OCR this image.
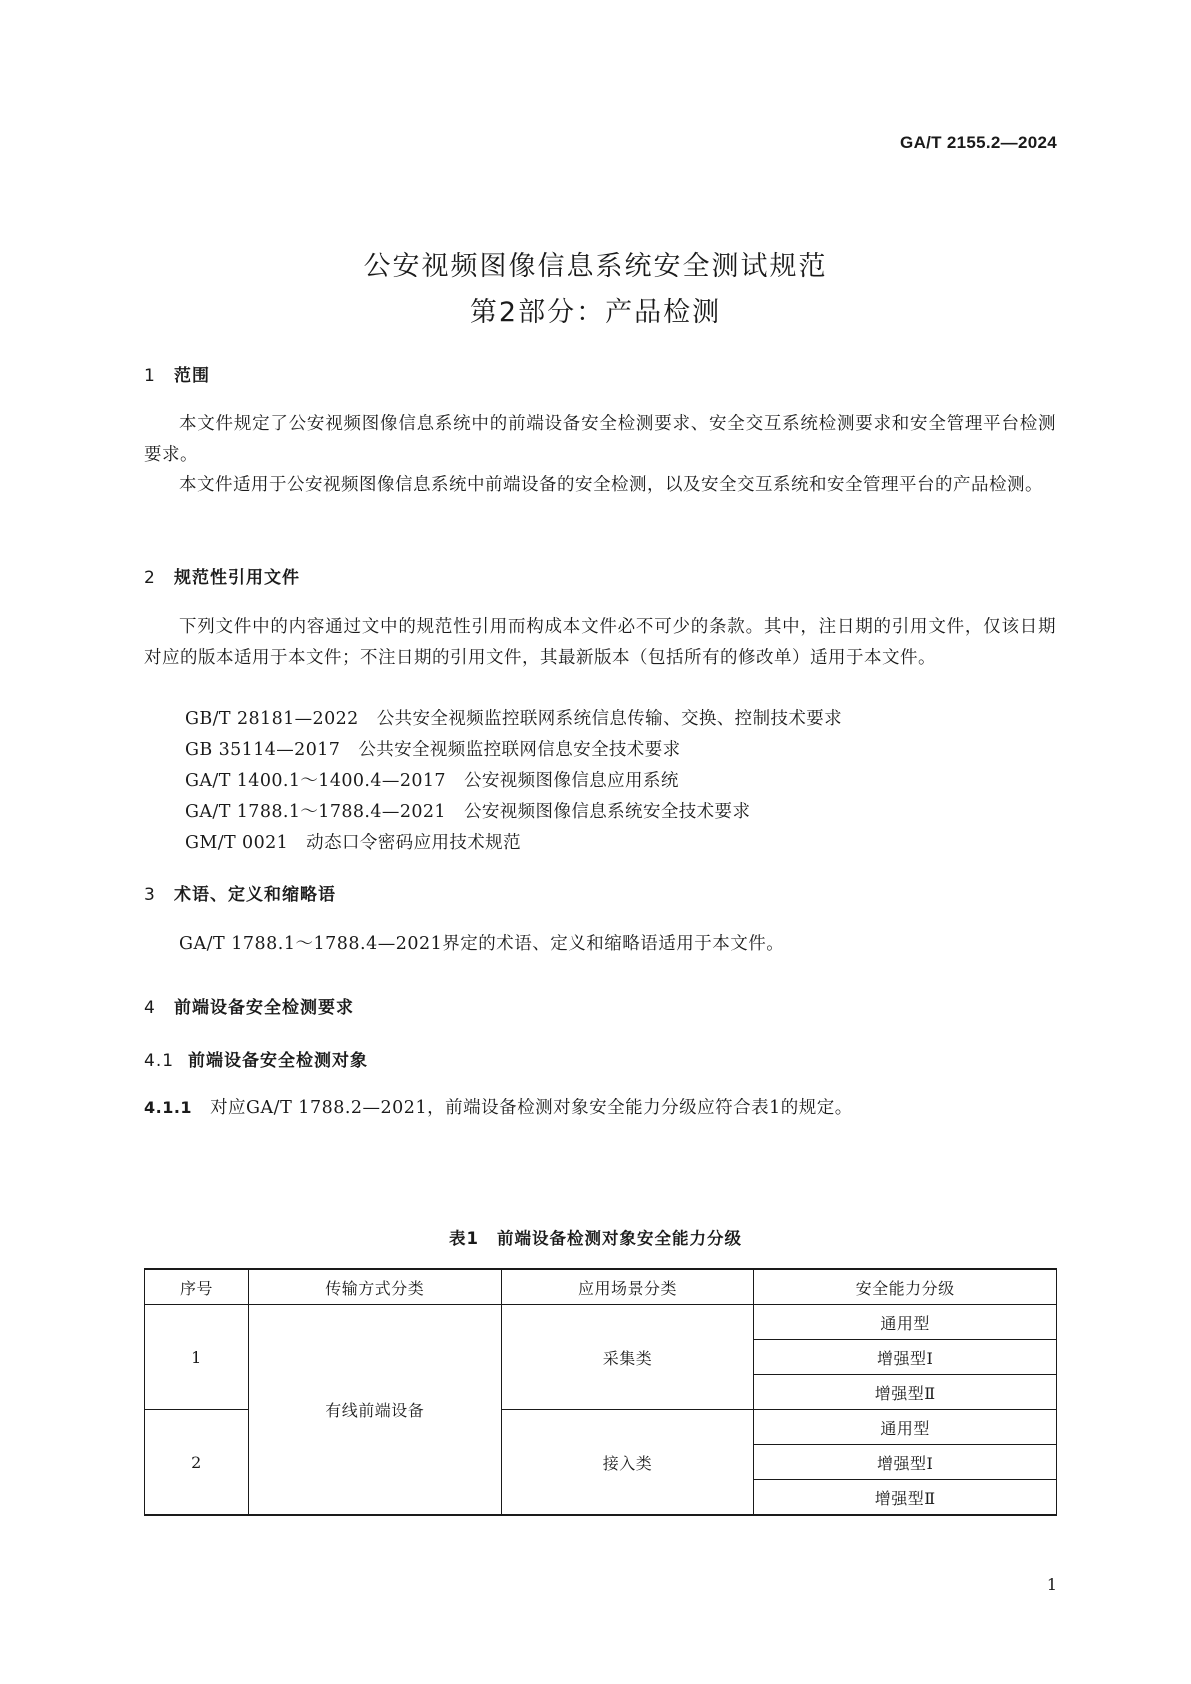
GA/T 2155.2—2024
公安视频图像信息系统安全测试规范
第2部分：产品检测
1 范围
本文件规定了公安视频图像信息系统中的前端设备安全检测要求、安全交互系统检测要求和安全管理平台检测要求。
本文件适用于公安视频图像信息系统中前端设备的安全检测，以及安全交互系统和安全管理平台的产品检测。
2 规范性引用文件
下列文件中的内容通过文中的规范性引用而构成本文件必不可少的条款。其中，注日期的引用文件，仅该日期对应的版本适用于本文件；不注日期的引用文件，其最新版本（包括所有的修改单）适用于本文件。
GB/T 28181—2022 公共安全视频监控联网系统信息传输、交换、控制技术要求
GB 35114—2017 公共安全视频监控联网信息安全技术要求
GA/T 1400.1～1400.4—2017 公安视频图像信息应用系统
GA/T 1788.1～1788.4—2021 公安视频图像信息系统安全技术要求
GM/T 0021 动态口令密码应用技术规范
3 术语、定义和缩略语
GA/T 1788.1～1788.4—2021界定的术语、定义和缩略语适用于本文件。
4 前端设备安全检测要求
4.1 前端设备安全检测对象
4.1.1 对应GA/T 1788.2—2021，前端设备检测对象安全能力分级应符合表1的规定。
表1 前端设备检测对象安全能力分级
序号	传输方式分类	应用场景分类	安全能力分级
1	有线前端设备	采集类	通用型
			增强型Ⅰ
			增强型Ⅱ
2		接入类	通用型
			增强型Ⅰ
			增强型Ⅱ
1
